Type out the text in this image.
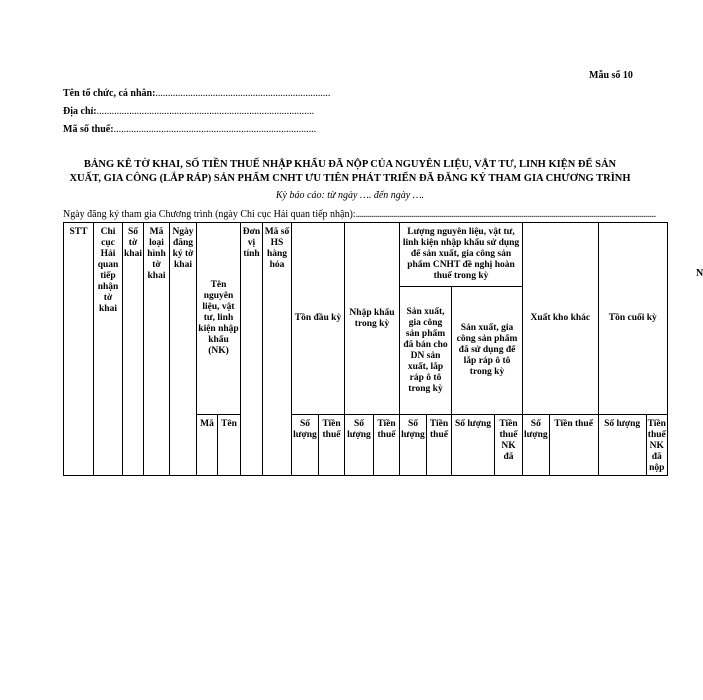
Mẫu số 10
Tên tổ chức, cá nhân:......................................................................
Địa chỉ:.......................................................................................
Mã số thuế:.................................................................................
BẢNG KÊ TỜ KHAI, SỐ TIỀN THUẾ NHẬP KHẨU ĐÃ NỘP CỦA NGUYÊN LIỆU, VẬT TƯ, LINH KIỆN ĐỂ SẢN
XUẤT, GIA CÔNG (LẮP RÁP) SẢN PHẨM CNHT ƯU TIÊN PHÁT TRIỂN ĐÃ ĐĂNG KÝ THAM GIA CHƯƠNG TRÌNH
Kỳ báo cáo: từ ngày …. đến ngày ….
Ngày đăng ký tham gia Chương trình (ngày Chi cục Hải quan tiếp nhận):......................................................................................................................................................
STT	Chi cục Hải quan tiếp nhận tờ khai	Số tờ khai	Mã loại hình tờ khai	Ngày đăng ký tờ khai	Tên nguyên liệu, vật tư, linh kiện nhập khẩu (NK)		Đơn vị tính	Mã số HS hàng hóa	Tồn đầu kỳ		Nhập khẩu trong kỳ		Lượng nguyên liệu, vật tư, linh kiện nhập khẩu sử dụng để sản xuất, gia công sản phẩm CNHT đề nghị hoàn thuế trong kỳ				Xuất kho khác		Tồn cuối kỳ		
													Sản xuất, gia công sản phẩm đã bán cho DN sản xuất, lắp ráp ô tô trong kỳ		Sản xuất, gia công sản phẩm đã sử dụng để lắp ráp ô tô trong kỳ						
					Mã	Tên			Số lượng	Tiền thuế	Số lượng	Tiền thuế	Số lượng	Tiền thuế	Số lượng	Tiền thuế NK đã	Số lượng	Tiền thuế	Số lượng	Tiền thuế NK đã nộp	
N
